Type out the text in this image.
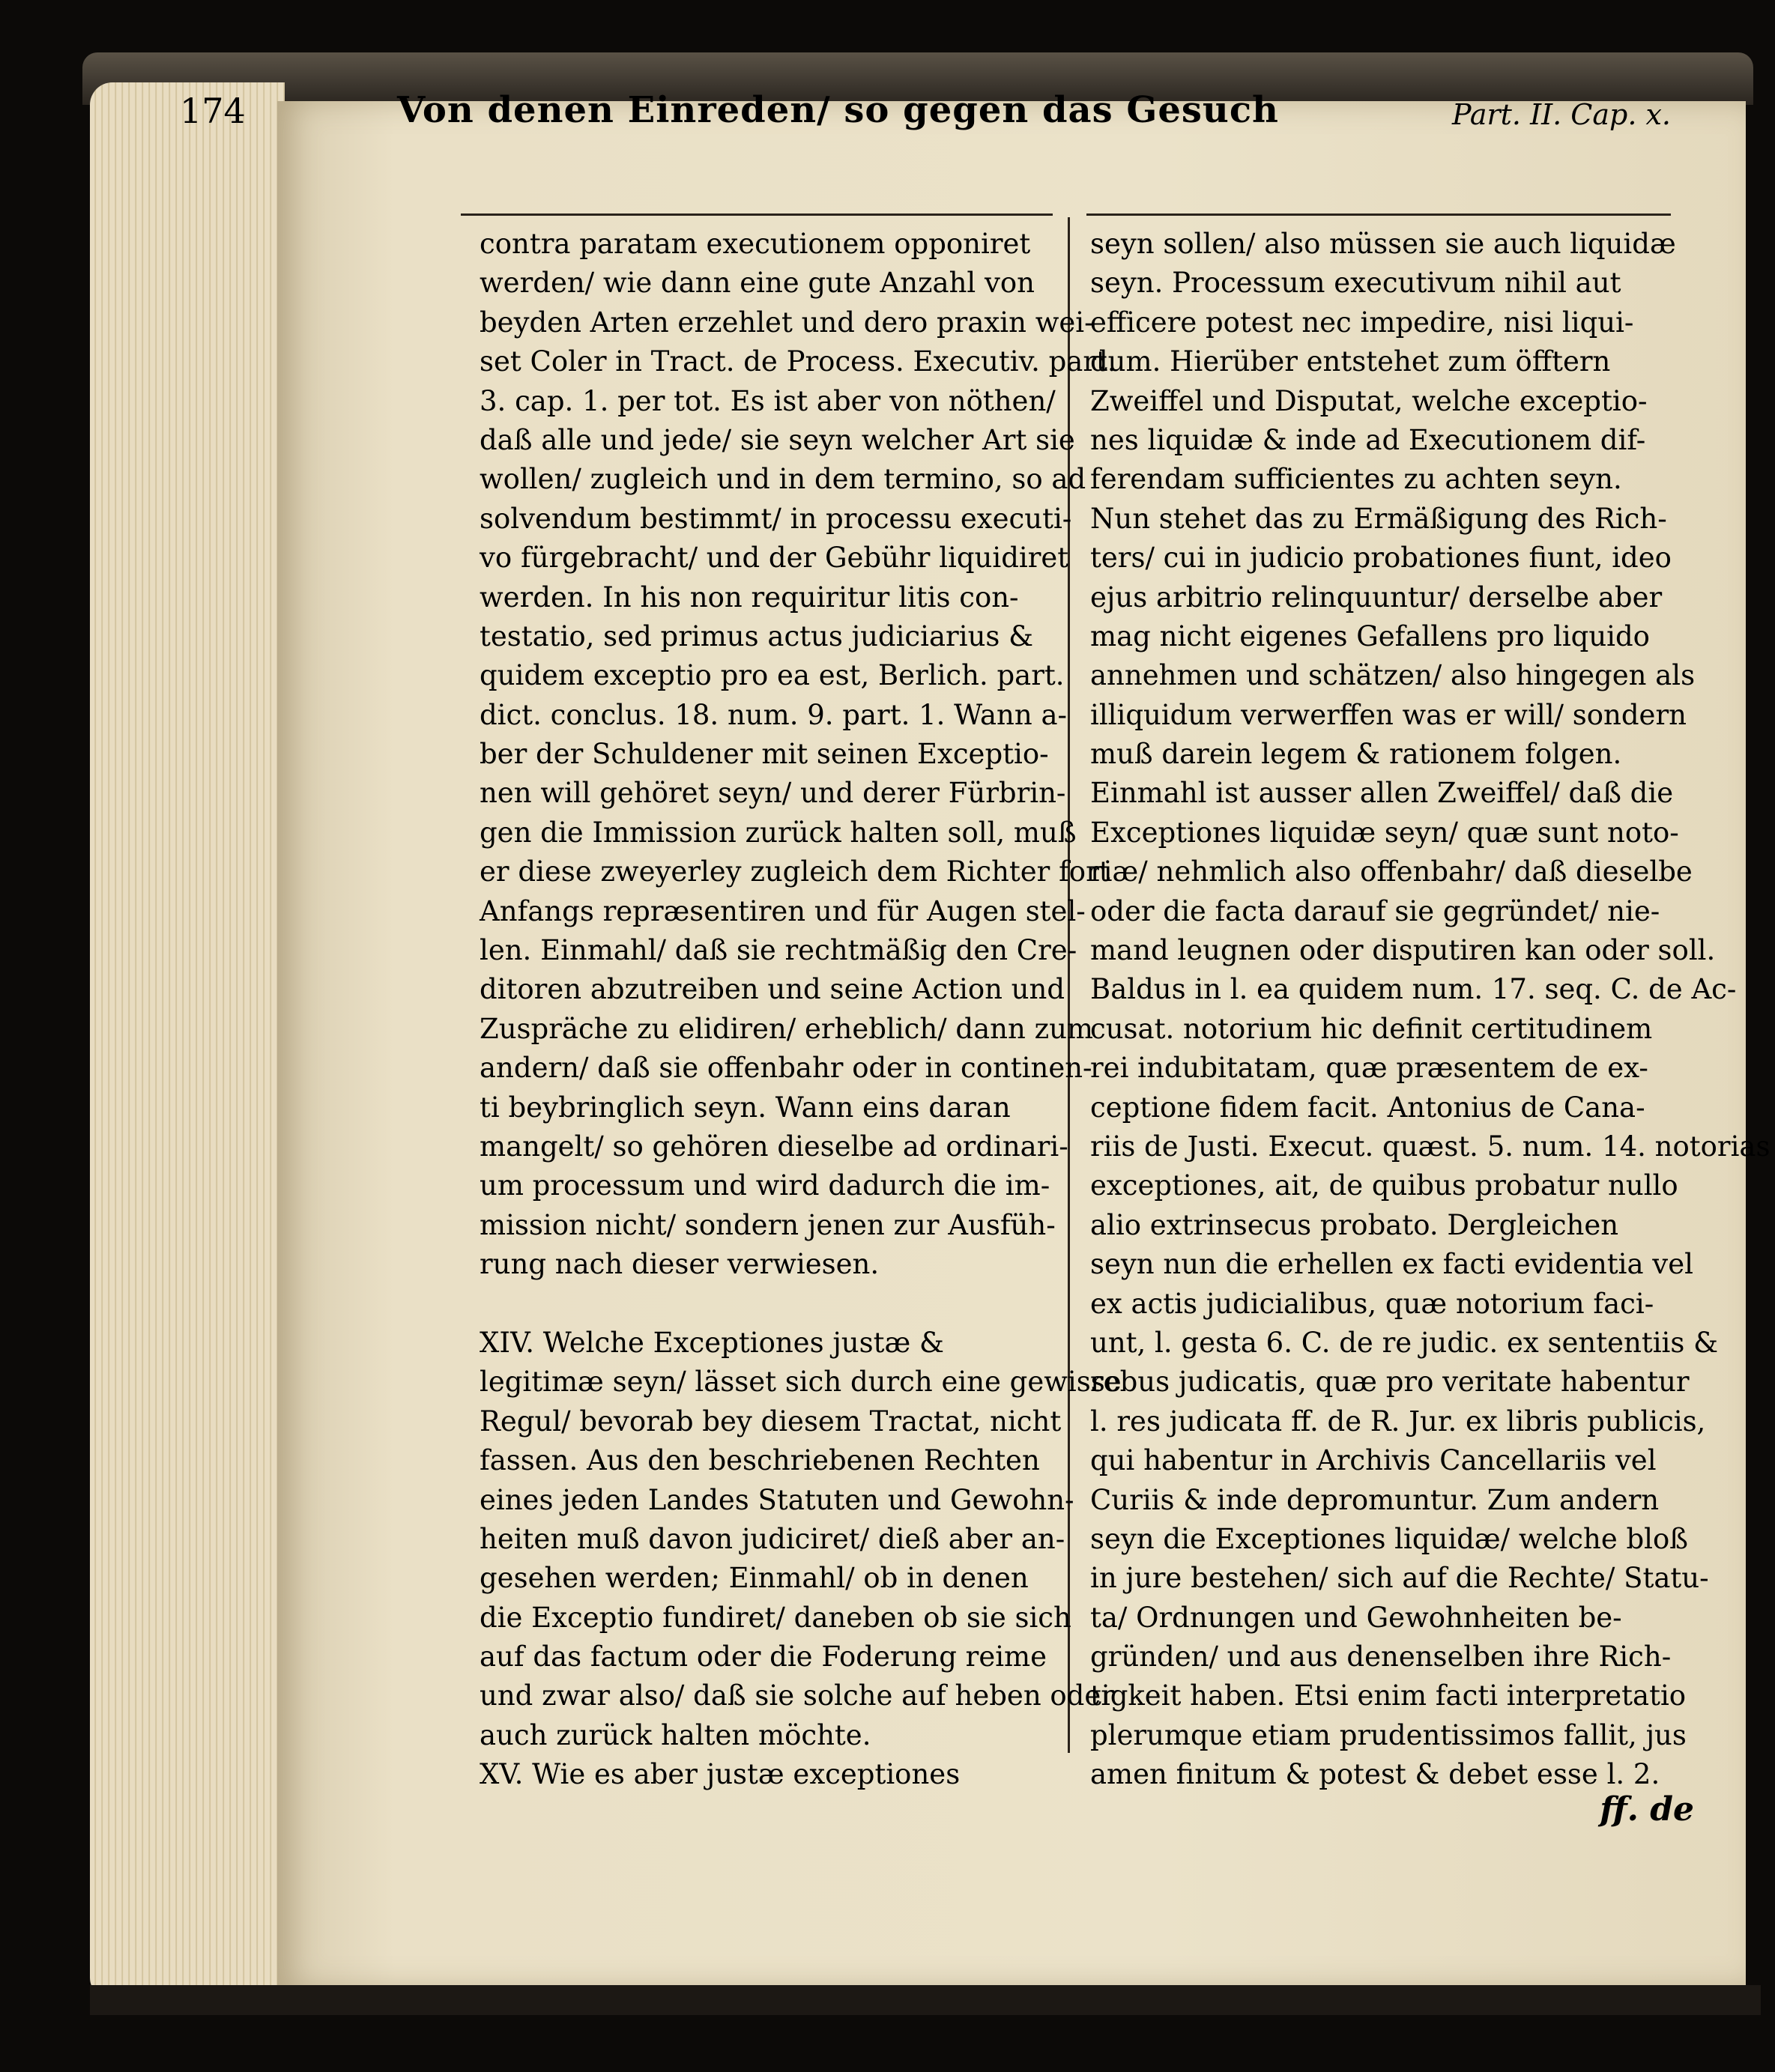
174	Von denen Einreden/ so gegen das Gesuch	Part. II. Cap. x.
contra paratam executionem opponiret
werden/ wie dann eine gute Anzahl von
beyden Arten erzehlet und dero praxin wei-
set Coler in Tract. de Process. Executiv. part.
3. cap. 1. per tot. Es ist aber von nöthen/
daß alle und jede/ sie seyn welcher Art sie
wollen/ zugleich und in dem termino, so ad
solvendum bestimmt/ in processu executi-
vo fürgebracht/ und der Gebühr liquidiret
werden. In his non requiritur litis con-
testatio, sed primus actus judiciarius &
quidem exceptio pro ea est, Berlich. part.
dict. conclus. 18. num. 9. part. 1. Wann a-
ber der Schuldener mit seinen Exceptio-
nen will gehöret seyn/ und derer Fürbrin-
gen die Immission zurück halten soll, muß
er diese zweyerley zugleich dem Richter fort
Anfangs repræsentiren und für Augen stel-
len. Einmahl/ daß sie rechtmäßig den Cre-
ditoren abzutreiben und seine Action und
Zuspräche zu elidiren/ erheblich/ dann zum
andern/ daß sie offenbahr oder in continen-
ti beybringlich seyn. Wann eins daran
mangelt/ so gehören dieselbe ad ordinari-
um processum und wird dadurch die im-
mission nicht/ sondern jenen zur Ausfüh-
rung nach dieser verwiesen.
XIV. Welche Exceptiones justæ &
legitimæ seyn/ lässet sich durch eine gewisse
Regul/ bevorab bey diesem Tractat, nicht
fassen. Aus den beschriebenen Rechten
eines jeden Landes Statuten und Gewohn-
heiten muß davon judiciret/ dieß aber an-
gesehen werden; Einmahl/ ob in denen
die Exceptio fundiret/ daneben ob sie sich
auf das factum oder die Foderung reime
und zwar also/ daß sie solche auf heben oder
auch zurück halten möchte.
XV. Wie es aber justæ exceptiones
seyn sollen/ also müssen sie auch liquidæ
seyn. Processum executivum nihil aut
efficere potest nec impedire, nisi liqui-
dum. Hierüber entstehet zum öfftern
Zweiffel und Disputat, welche exceptio-
nes liquidæ & inde ad Executionem dif-
ferendam sufficientes zu achten seyn.
Nun stehet das zu Ermäßigung des Rich-
ters/ cui in judicio probationes fiunt, ideo
ejus arbitrio relinquuntur/ derselbe aber
mag nicht eigenes Gefallens pro liquido
annehmen und schätzen/ also hingegen als
illiquidum verwerffen was er will/ sondern
muß darein legem & rationem folgen.
Einmahl ist ausser allen Zweiffel/ daß die
Exceptiones liquidæ seyn/ quæ sunt noto-
riæ/ nehmlich also offenbahr/ daß dieselbe
oder die facta darauf sie gegründet/ nie-
mand leugnen oder disputiren kan oder soll.
Baldus in l. ea quidem num. 17. seq. C. de Ac-
cusat. notorium hic definit certitudinem
rei indubitatam, quæ præsentem de ex-
ceptione fidem facit. Antonius de Cana-
riis de Justi. Execut. quæst. 5. num. 14. notorias
exceptiones, ait, de quibus probatur nullo
alio extrinsecus probato. Dergleichen
seyn nun die erhellen ex facti evidentia vel
ex actis judicialibus, quæ notorium faci-
unt, l. gesta 6. C. de re judic. ex sententiis &
rebus judicatis, quæ pro veritate habentur
l. res judicata ff. de R. Jur. ex libris publicis,
qui habentur in Archivis Cancellariis vel
Curiis & inde depromuntur. Zum andern
seyn die Exceptiones liquidæ/ welche bloß
in jure bestehen/ sich auf die Rechte/ Statu-
ta/ Ordnungen und Gewohnheiten be-
gründen/ und aus denenselben ihre Rich-
tigkeit haben. Etsi enim facti interpretatio
plerumque etiam prudentissimos fallit, jus
amen finitum & potest & debet esse l. 2.
ff. de
